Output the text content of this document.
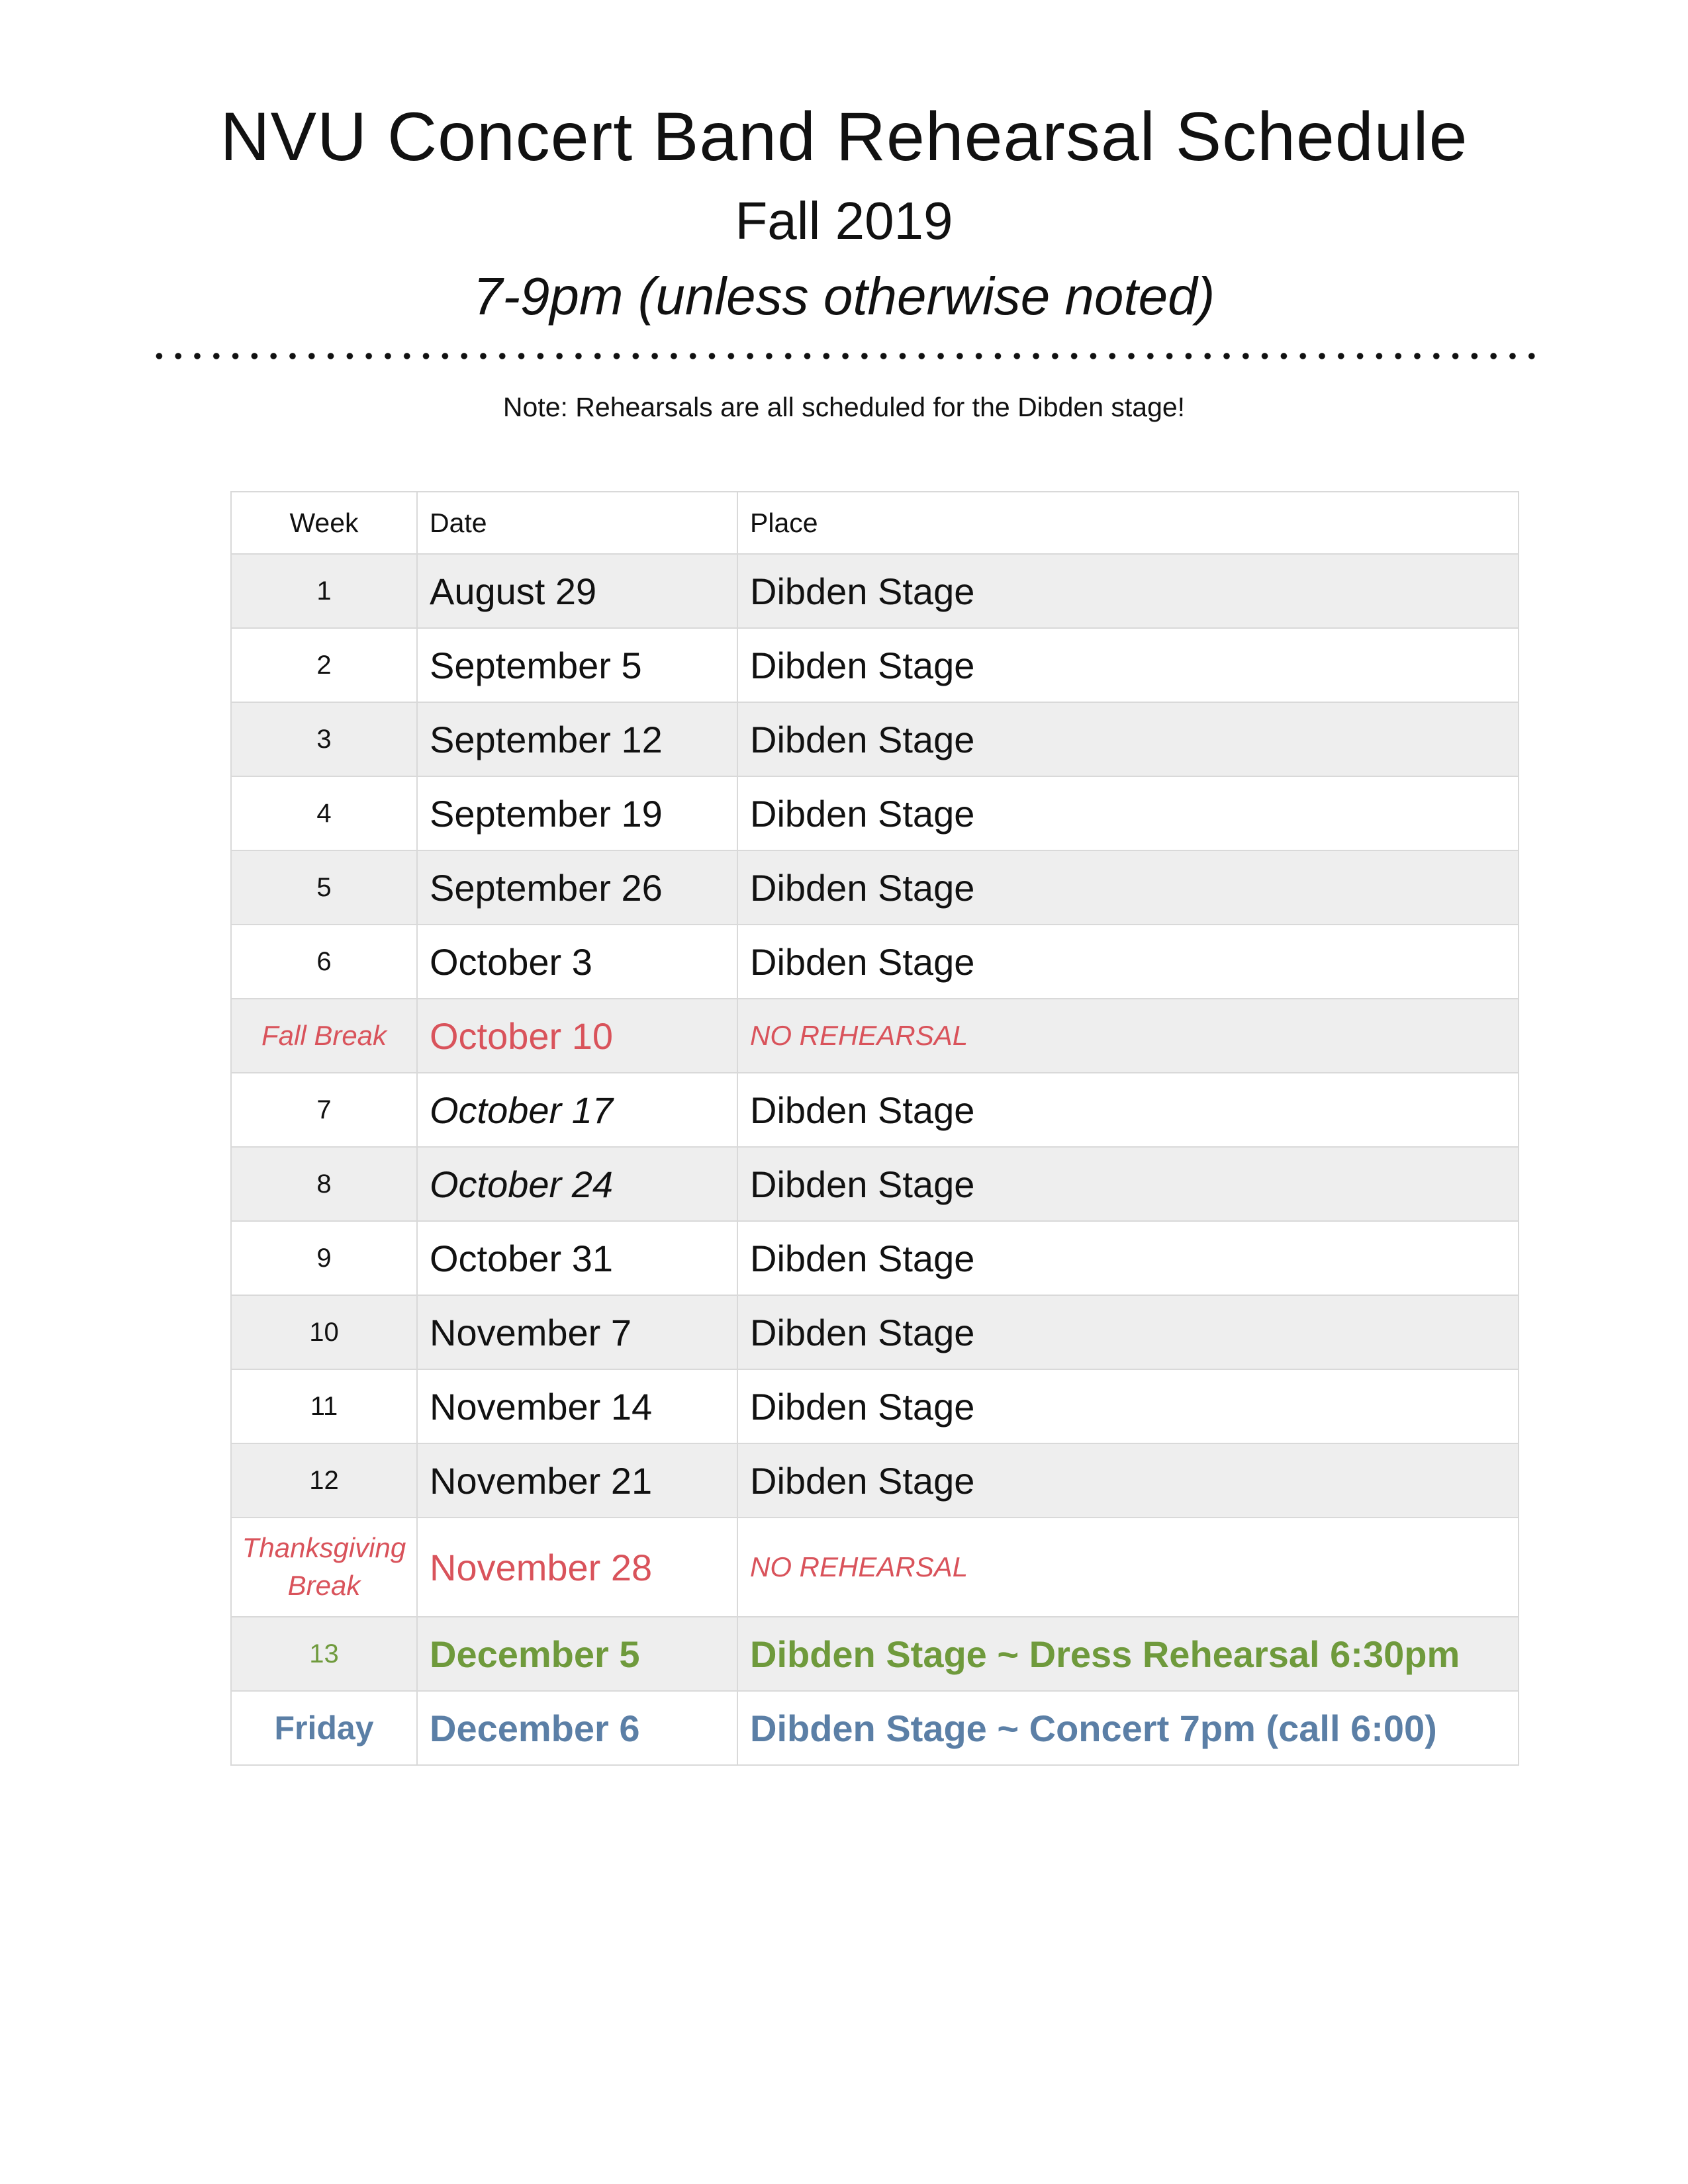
NVU Concert Band Rehearsal Schedule

Fall 2019

7-9pm (unless otherwise noted)

Note: Rehearsals are all scheduled for the Dibden stage!

Week	Date	Place
1	August 29	Dibden Stage
2	September 5	Dibden Stage
3	September 12	Dibden Stage
4	September 19	Dibden Stage
5	September 26	Dibden Stage
6	October 3	Dibden Stage
Fall Break	October 10	NO REHEARSAL
7	October 17	Dibden Stage
8	October 24	Dibden Stage
9	October 31	Dibden Stage
10	November 7	Dibden Stage
11	November 14	Dibden Stage
12	November 21	Dibden Stage
Thanksgiving Break	November 28	NO REHEARSAL
13	December 5	Dibden Stage ~ Dress Rehearsal 6:30pm
Friday	December 6	Dibden Stage ~ Concert 7pm (call 6:00)
